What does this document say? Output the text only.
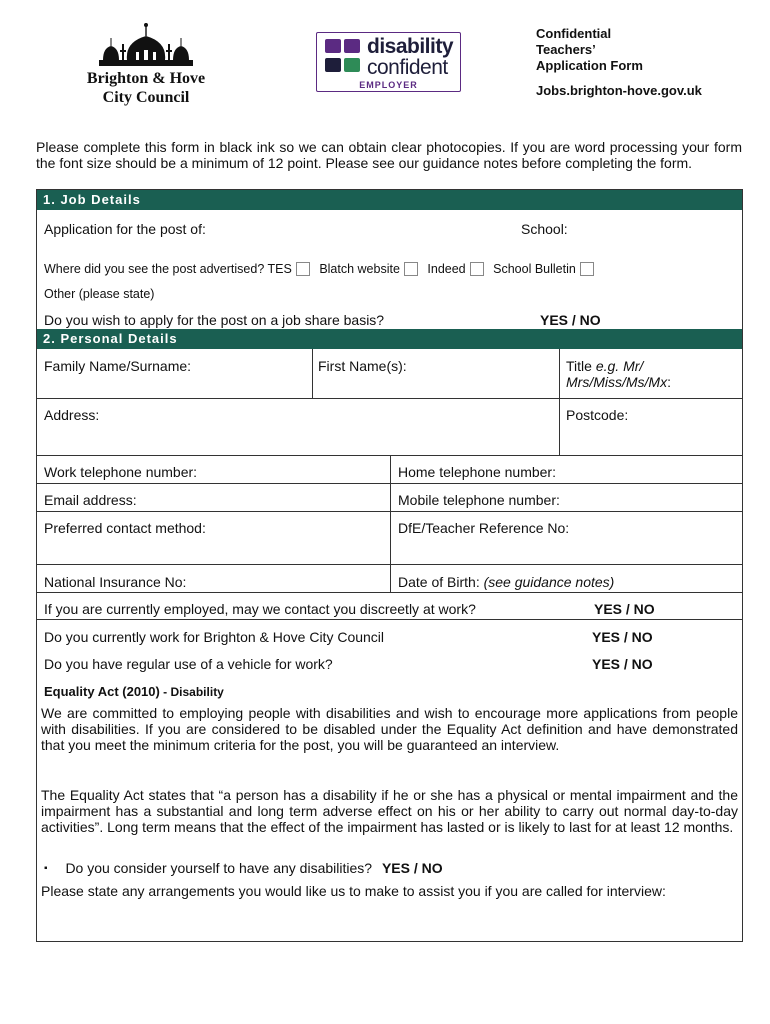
Brighton & Hove
City Council
disability
confident
EMPLOYER
Confidential
Teachers’
Application Form
Jobs.brighton-hove.gov.uk
Please complete this form in black ink so we can obtain clear photocopies. If you are word processing your form the font size should be a minimum of 12 point. Please see our guidance notes before completing the form.
1. Job Details
Application for the post of:	School:
Where did you see the post advertised? TES Blatch website Indeed School Bulletin
Other (please state)
Do you wish to apply for the post on a job share basis?	YES / NO
2. Personal Details
Family Name/Surname:	First Name(s):	Title e.g. Mr/
Mrs/Miss/Ms/Mx:
Address:	Postcode:
Work telephone number:	Home telephone number:
Email address:	Mobile telephone number:
Preferred contact method:	DfE/Teacher Reference No:
National Insurance No:	Date of Birth: (see guidance notes)
If you are currently employed, may we contact you discreetly at work?	YES / NO
Do you currently work for Brighton & Hove City Council	YES / NO
Do you have regular use of a vehicle for work?	YES / NO
Equality Act (2010) - Disability
We are committed to employing people with disabilities and wish to encourage more applications from people with disabilities. If you are considered to be disabled under the Equality Act definition and have demonstrated that you meet the minimum criteria for the post, you will be guaranteed an interview.
The Equality Act states that “a person has a disability if he or she has a physical or mental impairment and the impairment has a substantial and long term adverse effect on his or her ability to carry out normal day-to-day activities”. Long term means that the effect of the impairment has lasted or is likely to last for at least 12 months.
▪ Do you consider yourself to have any disabilities? YES / NO
Please state any arrangements you would like us to make to assist you if you are called for interview:
